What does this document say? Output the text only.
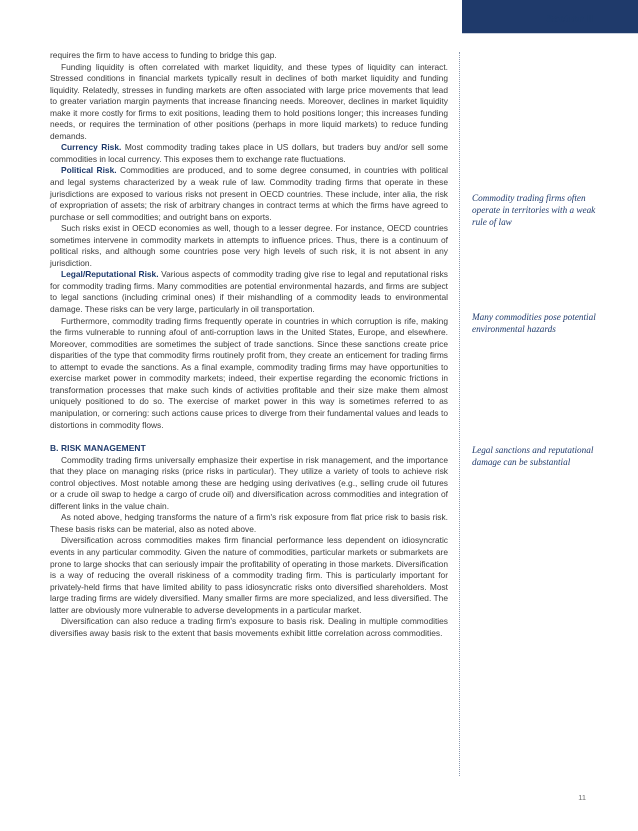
Section II

requires the firm to have access to funding to bridge this gap.

Funding liquidity is often correlated with market liquidity, and these types of liquidity can interact. Stressed conditions in financial markets typically result in declines of both market liquidity and funding liquidity. Relatedly, stresses in funding markets are often associated with large price movements that lead to greater variation margin payments that increase financing needs. Moreover, declines in market liquidity make it more costly for firms to exit positions, leading them to hold positions longer; this increases funding needs, or requires the termination of other positions (perhaps in more liquid markets) to reduce funding demands.

Currency Risk. Most commodity trading takes place in US dollars, but traders buy and/or sell some commodities in local currency. This exposes them to exchange rate fluctuations.

Political Risk. Commodities are produced, and to some degree consumed, in countries with political and legal systems characterized by a weak rule of law. Commodity trading firms that operate in these jurisdictions are exposed to various risks not present in OECD countries. These include, inter alia, the risk of expropriation of assets; the risk of arbitrary changes in contract terms at which the firms have agreed to purchase or sell commodities; and outright bans on exports.

Such risks exist in OECD economies as well, though to a lesser degree. For instance, OECD countries sometimes intervene in commodity markets in attempts to influence prices. Thus, there is a continuum of political risks, and although some countries pose very high levels of such risk, it is not absent in any jurisdiction.

Legal/Reputational Risk. Various aspects of commodity trading give rise to legal and reputational risks for commodity trading firms. Many commodities are potential environmental hazards, and firms are subject to legal sanctions (including criminal ones) if their mishandling of a commodity leads to environmental damage. These risks can be very large, particularly in oil transportation.

Furthermore, commodity trading firms frequently operate in countries in which corruption is rife, making the firms vulnerable to running afoul of anti-corruption laws in the United States, Europe, and elsewhere. Moreover, commodities are sometimes the subject of trade sanctions. Since these sanctions create price disparities of the type that commodity firms routinely profit from, they create an enticement for trading firms to attempt to evade the sanctions. As a final example, commodity trading firms may have opportunities to exercise market power in commodity markets; indeed, their expertise regarding the economic frictions in transformation processes that make such kinds of activities profitable and their size make them almost uniquely positioned to do so. The exercise of market power in this way is sometimes referred to as manipulation, or cornering: such actions cause prices to diverge from their fundamental values and leads to distortions in commodity flows.

B. RISK MANAGEMENT

Commodity trading firms universally emphasize their expertise in risk management, and the importance that they place on managing risks (price risks in particular). They utilize a variety of tools to achieve risk control objectives. Most notable among these are hedging using derivatives (e.g., selling crude oil futures or a crude oil swap to hedge a cargo of crude oil) and diversification across commodities and integration of different links in the value chain.

As noted above, hedging transforms the nature of a firm's risk exposure from flat price risk to basis risk. These basis risks can be material, also as noted above.

Diversification across commodities makes firm financial performance less dependent on idiosyncratic events in any particular commodity. Given the nature of commodities, particular markets or submarkets are prone to large shocks that can seriously impair the profitability of operating in those markets. Diversification is a way of reducing the overall riskiness of a commodity trading firm. This is particularly important for privately-held firms that have limited ability to pass idiosyncratic risks onto diversified shareholders. Most large trading firms are widely diversified. Many smaller firms are more specialized, and less diversified. The latter are obviously more vulnerable to adverse developments in a particular market.

Diversification can also reduce a trading firm's exposure to basis risk. Dealing in multiple commodities diversifies away basis risk to the extent that basis movements exhibit little correlation across commodities.

Commodity trading firms often operate in territories with a weak rule of law
Many commodities pose potential environmental hazards
Legal sanctions and reputational damage can be substantial
11
